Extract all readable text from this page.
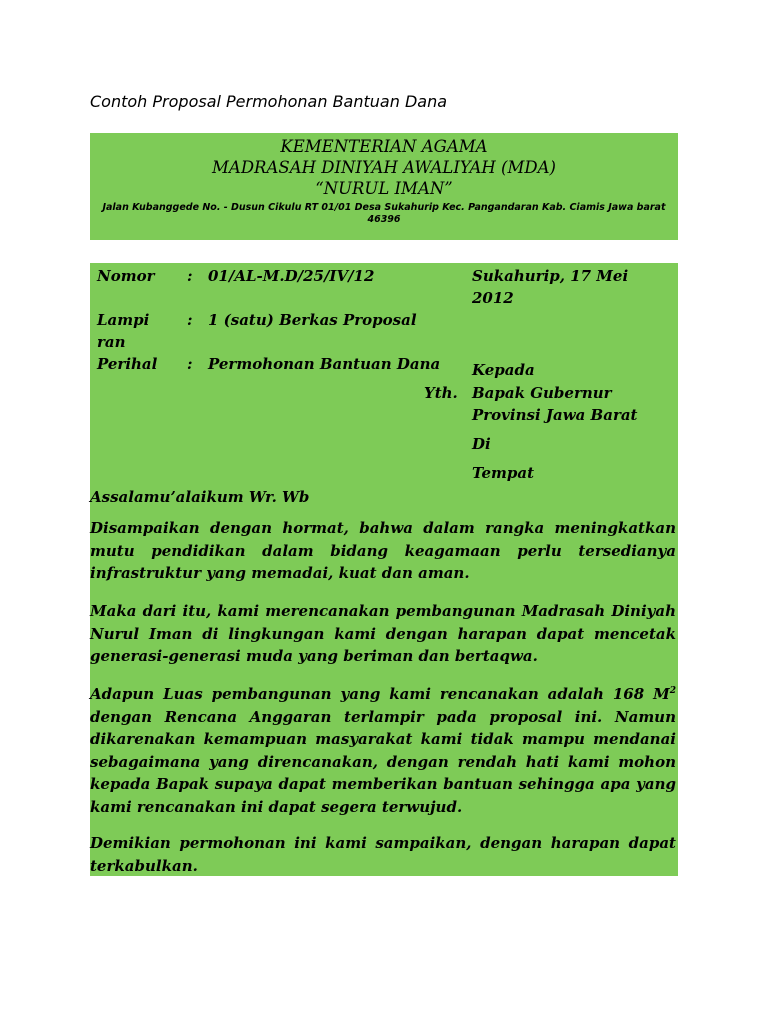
Contoh Proposal Permohonan Bantuan Dana
KEMENTERIAN AGAMA
MADRASAH DINIYAH AWALIYAH (MDA)
“NURUL IMAN”
Jalan Kubanggede No. - Dusun Cikulu RT 01/01 Desa Sukahurip Kec. Pangandaran Kab. Ciamis Jawa barat 46396
Nomor : 01/AL-M.D/25/IV/12
Lampiran
: 1 (satu) Berkas Proposal
Perihal : Permohonan Bantuan Dana
Sukahurip, 17 Mei 2012
Kepada
Yth. Bapak Gubernur
Provinsi Jawa Barat
Di
Tempat
Assalamu’alaikum Wr. Wb

Disampaikan dengan hormat, bahwa dalam rangka meningkatkan mutu pendidikan dalam bidang keagamaan perlu tersedianya infrastruktur yang memadai, kuat dan aman.

Maka dari itu, kami merencanakan pembangunan Madrasah Diniyah Nurul Iman di lingkungan kami dengan harapan dapat mencetak generasi-generasi muda yang beriman dan bertaqwa.

Adapun Luas pembangunan yang kami rencanakan adalah 168 $M^2$ dengan Rencana Anggaran terlampir pada proposal ini. Namun dikarenakan kemampuan masyarakat kami tidak mampu mendanai sebagaimana yang direncanakan, dengan rendah hati kami mohon kepada Bapak supaya dapat memberikan bantuan sehingga apa yang kami rencanakan ini dapat segera terwujud.

Demikian permohonan ini kami sampaikan, dengan harapan dapat terkabulkan.
